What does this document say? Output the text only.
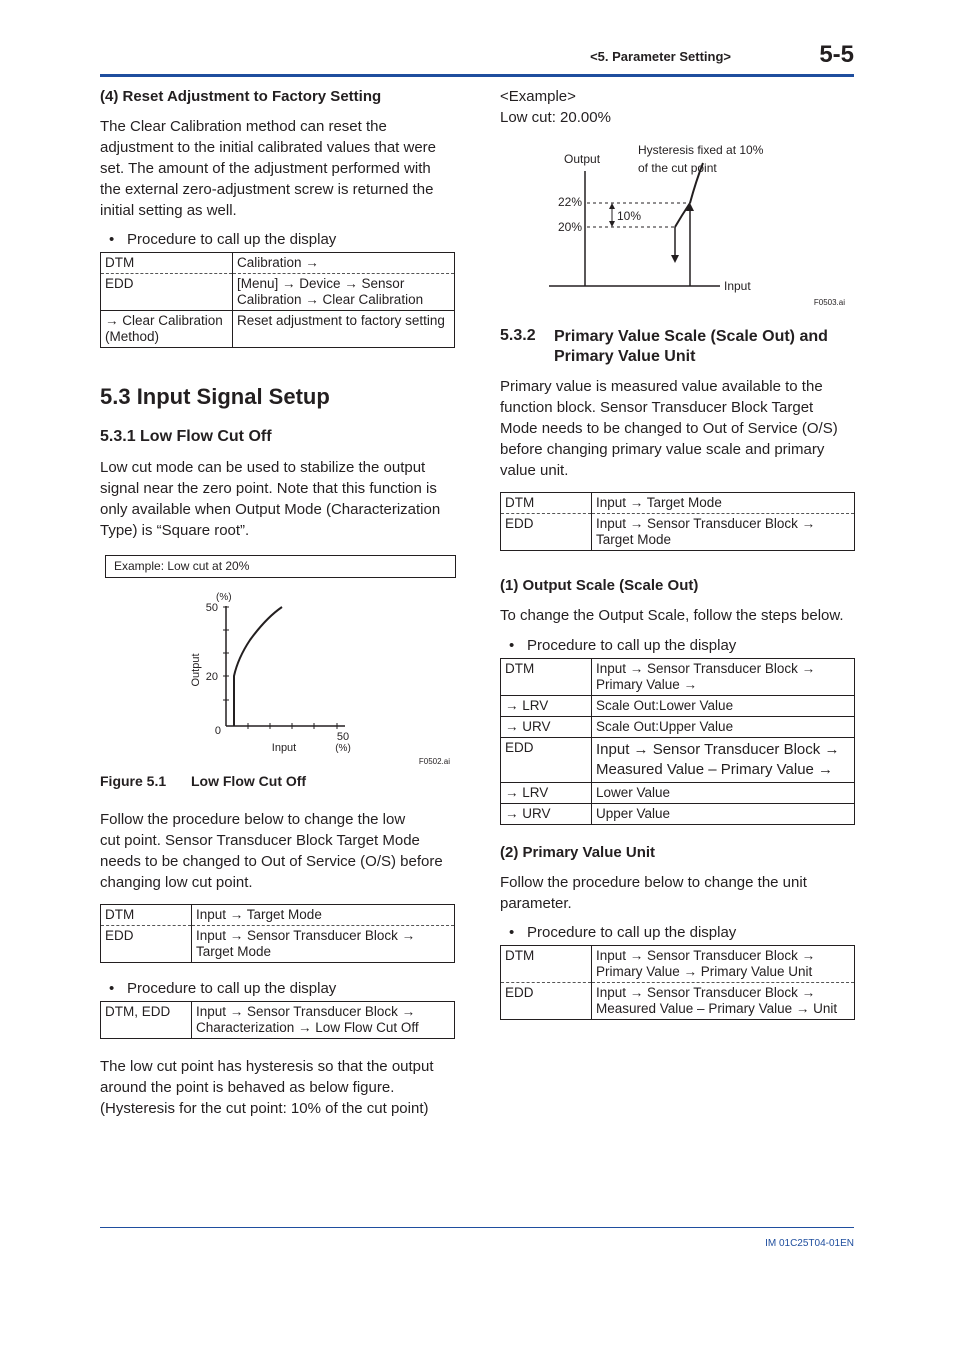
<5. Parameter Setting>	5-5
IM 01C25T04-01EN
(4) Reset Adjustment to Factory Setting
The Clear Calibration method can reset the
adjustment to the initial calibrated values that were
set. The amount of the adjustment performed with
the external zero-adjustment screw is returned the
initial setting as well.
• Procedure to call up the display
DTM	Calibration →
EDD	[Menu] → Device → Sensor
Calibration → Clear Calibration

→ Clear Calibration
(Method)	Reset adjustment to factory setting
5.3 Input Signal Setup
5.3.1 Low Flow Cut Off
Low cut mode can be used to stabilize the output
signal near the zero point. Note that this function is
only available when Output Mode (Characterization
Type) is “Square root”.
Example: Low cut at 20%
(%)
50
20
0
Output
Input
50
(%)
F0502.ai
Figure 5.1 Low Flow Cut Off
Follow the procedure below to change the low
cut point. Sensor Transducer Block Target Mode
needs to be changed to Out of Service (O/S) before
changing low cut point.
DTM	Input → Target Mode
EDD	Input → Sensor Transducer Block →
Target Mode
• Procedure to call up the display
DTM, EDD	Input → Sensor Transducer Block →
Characterization → Low Flow Cut Off
The low cut point has hysteresis so that the output
around the point is behaved as below figure.
(Hysteresis for the cut point: 10% of the cut point)
<Example>
Low cut: 20.00%
Output
Hysteresis fixed at 10%
of the cut point
22%
20%
10%
Input
F0503.ai
5.3.2 Primary Value Scale (Scale Out) and
Primary Value Unit
Primary value is measured value available to the
function block. Sensor Transducer Block Target
Mode needs to be changed to Out of Service (O/S)
before changing primary value scale and primary
value unit.
DTM	Input → Target Mode
EDD	Input → Sensor Transducer Block →
Target Mode
(1) Output Scale (Scale Out)
To change the Output Scale, follow the steps below.
• Procedure to call up the display
DTM	Input → Sensor Transducer Block →
Primary Value →

→ LRV	Scale Out:Lower Value
→ URV	Scale Out:Upper Value
EDD	Input → Sensor Transducer Block →
Measured Value – Primary Value →

→ LRV	Lower Value
→ URV	Upper Value
(2) Primary Value Unit
Follow the procedure below to change the unit
parameter.
• Procedure to call up the display
DTM	Input → Sensor Transducer Block →
Primary Value → Primary Value Unit

EDD	Input → Sensor Transducer Block →
Measured Value – Primary Value → Unit
